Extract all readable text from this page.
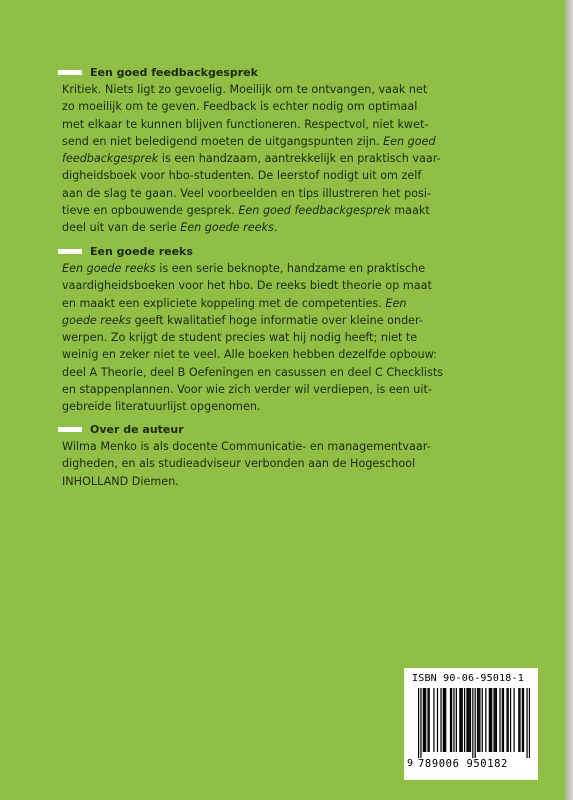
Een goed feedbackgesprek
Kritiek. Niets ligt zo gevoelig. Moeilijk om te ontvangen, vaak net
zo moeilijk om te geven. Feedback is echter nodig om optimaal
met elkaar te kunnen blijven functioneren. Respectvol, niet kwet-
send en niet beledigend moeten de uitgangspunten zijn. Een goed
feedbackgesprek is een handzaam, aantrekkelijk en praktisch vaar-
digheidsboek voor hbo-studenten. De leerstof nodigt uit om zelf
aan de slag te gaan. Veel voorbeelden en tips illustreren het posi-
tieve en opbouwende gesprek. Een goed feedbackgesprek maakt
deel uit van de serie Een goede reeks.
Een goede reeks
Een goede reeks is een serie beknopte, handzame en praktische
vaardigheidsboeken voor het hbo. De reeks biedt theorie op maat
en maakt een expliciete koppeling met de competenties. Een
goede reeks geeft kwalitatief hoge informatie over kleine onder-
werpen. Zo krijgt de student precies wat hij nodig heeft; niet te
weinig en zeker niet te veel. Alle boeken hebben dezelfde opbouw:
deel A Theorie, deel B Oefeningen en casussen en deel C Checklists
en stappenplannen. Voor wie zich verder wil verdiepen, is een uit-
gebreide literatuurlijst opgenomen.
Over de auteur
Wilma Menko is als docente Communicatie- en managementvaar-
digheden, en als studieadviseur verbonden aan de Hogeschool
INHOLLAND Diemen.
ISBN 90-06-95018-1
9 789006 950182
